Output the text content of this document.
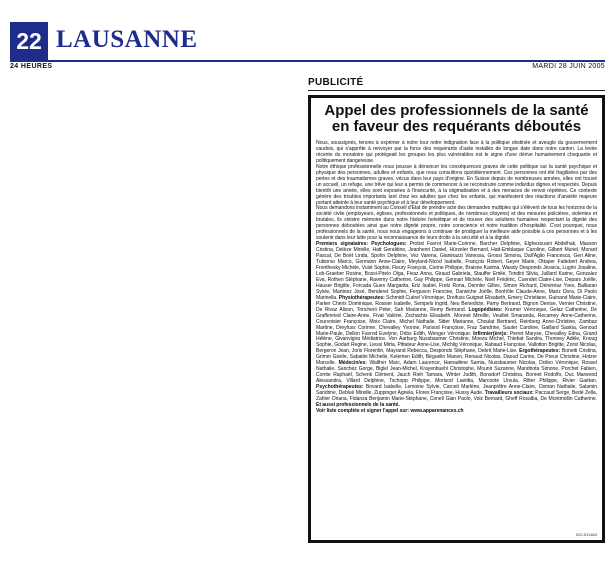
22 LAUSANNE
24 HEURES	MARDI 28 JUIN 2005
PUBLICITÉ
Appel des professionnels de la santé
en faveur des requérants déboutés

Nous, soussignés, tenons à exprimer à notre tour notre indignation face à la politique obstinée et aveugle du gouvernement vaudois, qui s'apprête à renvoyer par la force des requérants d'asile installés de longue date dans notre canton. La levée récente du moratoire qui protégeait les groupes les plus vulnérables est le signe d'une dérive humainement choquante et politiquement dangereuse.

Notre éthique professionnelle nous pousse à dénoncer les conséquences graves de cette politique sur la santé psychique et physique des personnes, adultes et enfants, que nous consultons quotidiennement. Ces personnes ont été fragilisées par des pertes et des traumatismes graves, vécus dans leur pays d'origine. En Suisse depuis de nombreuses années, elles ont trouvé un accueil, un refuge, une trêve qui leur a permis de commencer à se reconstruire comme individus dignes et respectés. Depuis bientôt une année, elles sont exposées à l'insécurité, à la stigmatisation et à des menaces de renvoi répétées. Ce contexte génère des troubles importants tant chez les adultes que chez les enfants, qui manifestent des réactions d'anxiété majeure portant atteinte à leur santé psychique et à leur développement.

Nous demandons instamment au Conseil d'Etat de prendre acte des demandes multiples qui s'élèvent de tous les horizons de la société civile (employeurs, églises, professionnels et politiques, de nombreux citoyens) et des mesures policières, violentes et brutales, ils sinistre mémoire dans notre histoire helvétique et de trouver des solutions humaines respectant la dignité des personnes déboutées ainsi que notre dignité propre, notre conscience et notre tradition d'hospitalité. C'est pourquoi, nous professionnels de la santé, nous nous engageons à continuer de prodiguer la meilleure aide possible à ces personnes et à les soutenir dans leur lutte pour la reconnaissance de leurs droits à la sécurité et à la dignité.

Premiers signataires: Psychologues: Probst Favrot Marie-Corinne, Barcher Delphine, Elghezouani Abdelhak, Masson Cristina, Delèze Mireille, Hatt Geraldine, Jeanhenri Daniel, Hürzeler Bernard, Hatt-Emblaque Caroline, Gilbert Muriel, Morard Pascal, De Boët Linda, Spohn Delphine, Vez Varena, Gianinazzi Vanessa, Grossi Simona, Dall'Aglio Francesca, Geri Aline, Tubiorso Marco, Germann Anne-Claire, Meyland-Nicod Isabelle, François Robert, Geyer Marie, Ottaper Fattebert Andrea, Fronthesky Michèle, Vuist Sophie, Fleury François, Corine Philippe, Braisne Karima, Wassly Desponds Jessica, Lugrin Josaline, Lob-Graeber Rosine, Bossi-Pirelo Olga, Fivaz Anna, Giraud Gabriela, Stauffer Emile, Tondini Silvia, Juillard Karine, Gonzalez Eva, Rothen Stéphane, Ravemy Catherine, Gay Philippe, Gennari Michèle, Noël Frédéric, Cuendet Claire-Lise, Depars Joëlle, Hauser Brigitte, Forcada Guex Margarita, Erlz Isabel, Fretz Rona, Dennler Gilles, Simon Richard, Dénéréaz Yves, Balliaran Sylvie, Martinez José, Benderet Sophie, Ferguson Francine, Darwiche Joëlle, Bonhôte Claude-Anne, Mariz Dora, Di Paolo Marinella. Physiothérapeutes: Schmidt Cuérel Véronique, Dreifuss Guignet Elisabeth, Emery Christiane, Guinand Marie-Claire, Parker Cherix Dominique, Rossier Isabelle, Sempels Ingrid, Neu Benedicte, Pamy Bertrand, Bignon Denise, Vernier Christine, De Rivaz Alison, Trincherii Peter, Sah Marianne, Remy Bertrand. Logopédistes: Kramer Véronique, Gelaz Catherine, De Graffenried Claire-Anne, Fivat Valérie, Zschachis Elisabeth, Monnet Mireille, Veuillet Smaranda, Recamey Anne-Catherine, Courvoisier Françoise, Moix Claire, Michel Nathalie, Sitter Marianne, Choulat Bertrand, Reinberg Anne-Christine, Zambaz Martine, Dreyfuss Corinne, Chevalley Yvonne, Parisod Françoise, Fraz Sandrine, Sauter Caroline, Gaillard Saskia, Genoud Marie-Paule, Dellon Favrod Evelyne, Dribs Edith, Wenger Véronique. Infirmier(ère)s: Perret Maryse, Chevalley Edna, Grand Hélène, Givanvigira Médiatrice, Von Aarburg Nussbaumer Christine, Moeza Michel, Thiebat Sandra, Thonney Adèle, Knoug Sophie, Godart Regine, Liessi Mirta, Pittateur Anne-Lise, Michlig Véronique, Rabaud Françoise, Vallotton Brigitte, Zorst Nicolas, Bergeron Jean, Joris Florentin, Mayrand Rebecca, Desponds Stéphane, Debrit Marie-Lise. Ergothérapeutes: Bonetti Cristina, Grimm Gisèle, Sabatini Michelle, Kelemen Edith, Béguelin Manon, Renaud Nicolas, Daoud Carine, De Preux Christine, Hotzer Marcelle. Médecin/es: Walther Marc, Adam Laurence, Hamadène Samia, Nussbaumer Nicolas, Dolivo Véronique, Rossel Nathalie, Sanchez Gorge, Biglel Jean-Michel, Krayenbuehl Christophe, Mounir Suzanne, Mandriota Simone, Porchet Fabien, Comte Raphaël, Schenk Clément, Jauch Rieh Tamara, Winter Judith, Bonsdorf Christina, Bonnet Rodolfo, Duc Marwood Alessandra, Villard Delphine, Tschopp Philippe, Morisod Laetitia, Marcoote Ursula, Ritter Philippe, Rivier Gaëtan. Psychothérapeutes: Bovard Isabelle, Lemoine Sylvie, Carceit Marlène, Jeanprêtre Anne-Claire, Osman Nathalie, Salamin Sandrine, Debluë Mireille, Zuppinger Agnela, Flores Françoise, Hussy Aude. Travailleurs sociaux: Paccaud Serge, Bedé Zella, Zahler Oriana, Fidanza Benjamin Marie-Stéphane, Conell Gian Paolo, Volz Bernard, Gheff Rosalba, De Montmollin Catherine. Et aussi professionnels de la santé.

Voir liste complète et signer l'appel sur: www.apparenances.ch

022-511484
